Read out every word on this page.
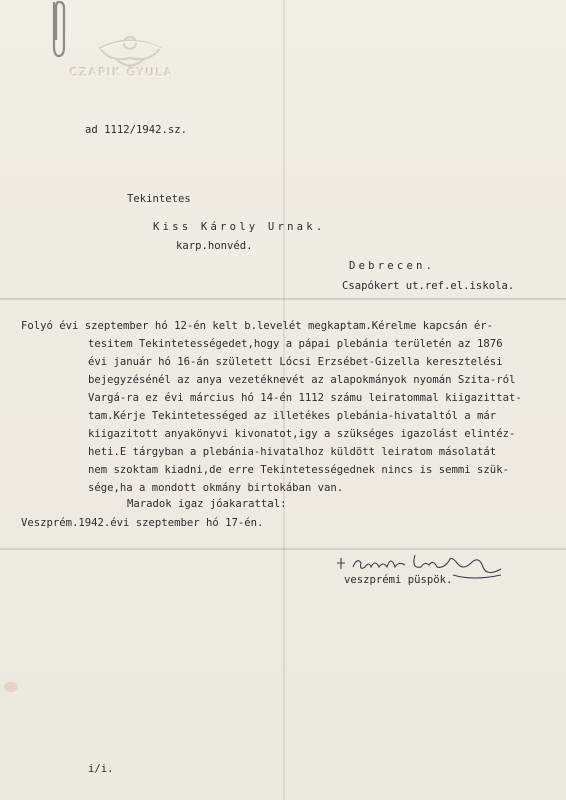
CZAPIK GYULA
ad 1112/1942.sz.
Tekintetes
Kiss Károly Urnak.
karp.honvéd.
Debrecen.
Csapókert ut.ref.el.iskola.
Folyó évi szeptember hó 12-én kelt b.levelét megkaptam.Kérelme kapcsán ér-
tesitem Tekintetességedet,hogy a pápai plebánia területén az 1876
évi január hó 16-án született Lócsi Erzsébet-Gizella keresztelési
bejegyzésénél az anya vezetéknevét az alapokmányok nyomán Szita-ról
Vargá-ra ez évi március hó 14-én 1112 számu leiratommal kiigazittat-
tam.Kérje Tekintetességed az illetékes plebánia-hivataltól a már
kiigazitott anyakönyvi kivonatot,igy a szükséges igazolást elintéz-
heti.E tárgyban a plebánia-hivatalhoz küldött leiratom másolatát
nem szoktam kiadni,de erre Tekintetességednek nincs is semmi szük-
sége,ha a mondott okmány birtokában van.
Maradok igaz jóakarattal:
Veszprém.1942.évi szeptember hó 17-én.
veszprémi püspök.
i/i.
